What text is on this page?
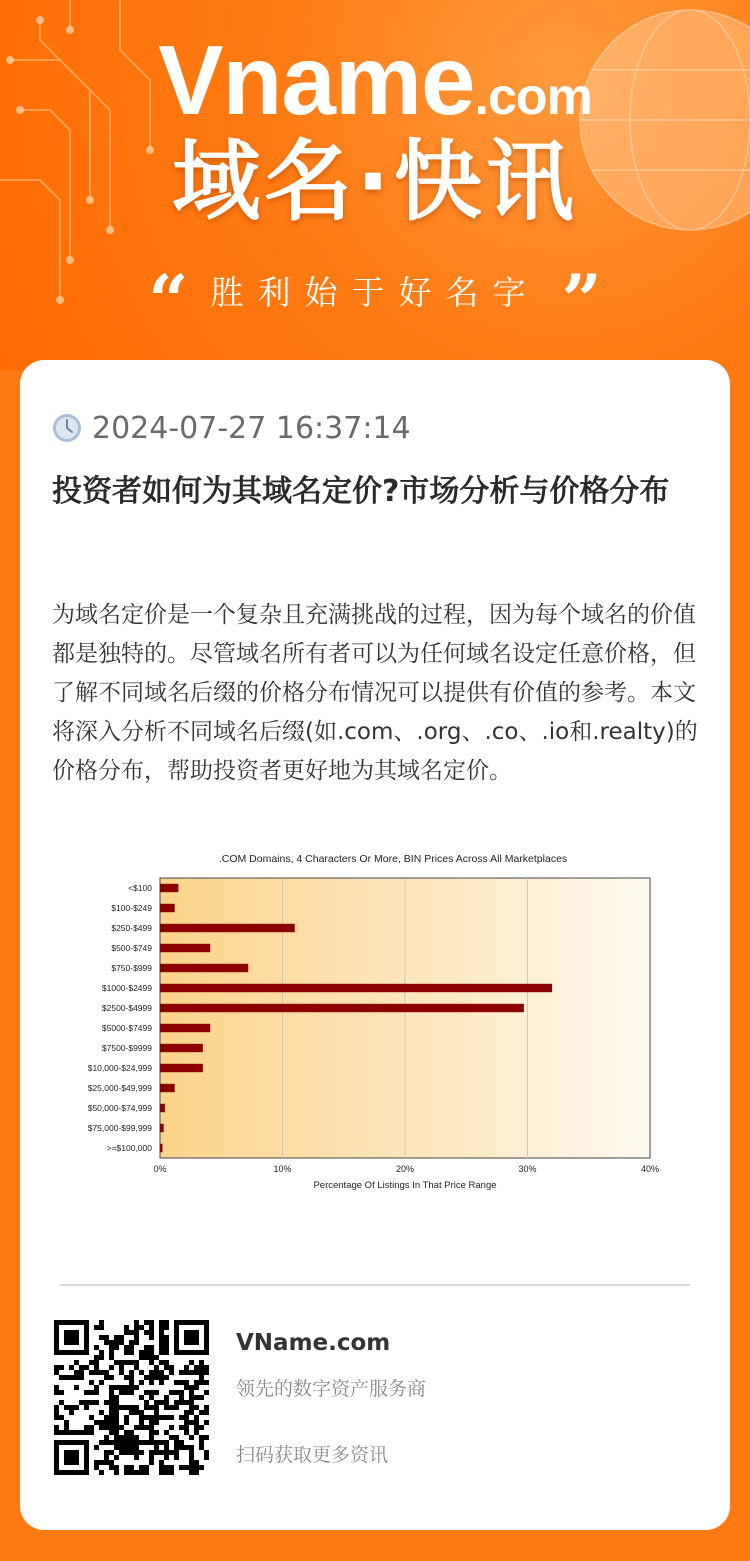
Vname.com
域名·快讯
“ 胜利始于好名字 ”
2024-07-27 16:37:14
投资者如何为其域名定价?市场分析与价格分布
为域名定价是一个复杂且充满挑战的过程，因为每个域名的价值都是独特的。尽管域名所有者可以为任何域名设定任意价格，但了解不同域名后缀的价格分布情况可以提供有价值的参考。本文将深入分析不同域名后缀(如.com、.org、.co、.io和.realty)的价格分布，帮助投资者更好地为其域名定价。
.COM Domains, 4 Characters Or More, BIN Prices Across All Marketplaces
<$100
$100-$249
$250-$499
$500-$749
$750-$999
$1000-$2499
$2500-$4999
$5000-$7499
$7500-$9999
$10,000-$24,999
$25,000-$49,999
$50,000-$74,999
$75,000-$99,999
>=$100,000
0%	10%	20%	30%	40%
Percentage Of Listings In That Price Range
VName.com
领先的数字资产服务商
扫码获取更多资讯
